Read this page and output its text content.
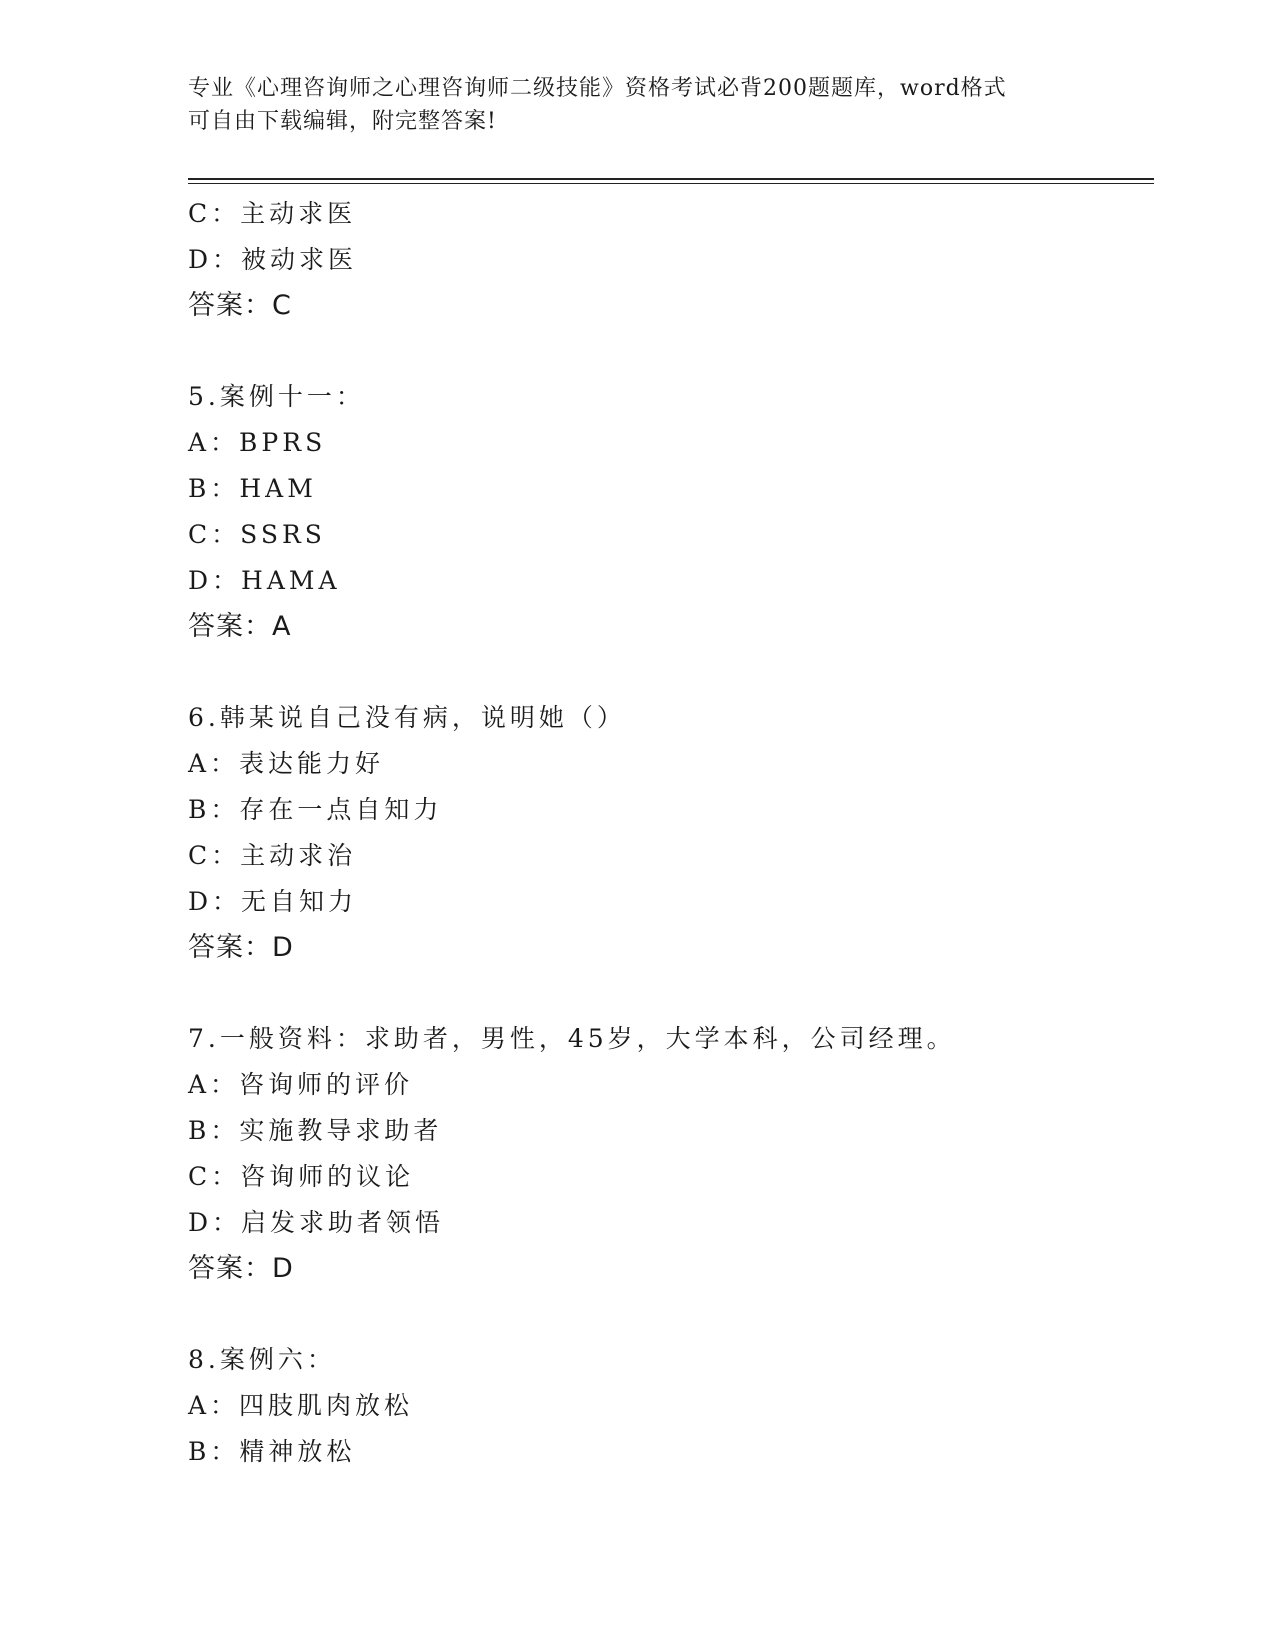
专业《心理咨询师之心理咨询师二级技能》资格考试必背200题题库，word格式
可自由下载编辑，附完整答案!
C：主动求医
D：被动求医
答案：C
5.案例十一：
A：BPRS
B：HAM
C：SSRS
D：HAMA
答案：A
6.韩某说自己没有病，说明她（）
A：表达能力好
B：存在一点自知力
C：主动求治
D：无自知力
答案：D
7.一般资料：求助者，男性，45岁，大学本科，公司经理。
A：咨询师的评价
B：实施教导求助者
C：咨询师的议论
D：启发求助者领悟
答案：D
8.案例六：
A：四肢肌肉放松
B：精神放松
